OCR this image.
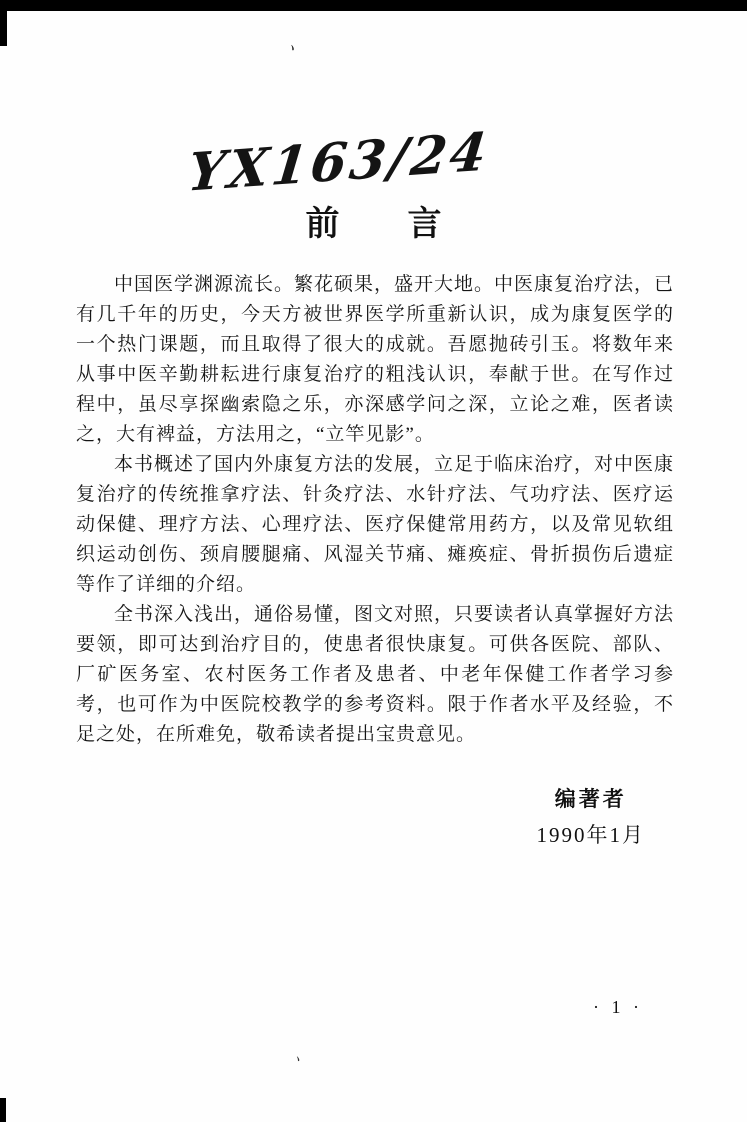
、
、
YX163/24
前　　言

中国医学渊源流长。繁花硕果，盛开大地。中医康复治疗法，已有几千年的历史，今天方被世界医学所重新认识，成为康复医学的一个热门课题，而且取得了很大的成就。吾愿抛砖引玉。将数年来从事中医辛勤耕耘进行康复治疗的粗浅认识，奉献于世。在写作过程中，虽尽享探幽索隐之乐，亦深感学问之深，立论之难，医者读之，大有裨益，方法用之，“立竿见影”。

本书概述了国内外康复方法的发展，立足于临床治疗，对中医康复治疗的传统推拿疗法、针灸疗法、水针疗法、气功疗法、医疗运动保健、理疗方法、心理疗法、医疗保健常用药方，以及常见软组织运动创伤、颈肩腰腿痛、风湿关节痛、瘫痪症、骨折损伤后遗症等作了详细的介绍。

全书深入浅出，通俗易懂，图文对照，只要读者认真掌握好方法要领，即可达到治疗目的，使患者很快康复。可供各医院、部队、厂矿医务室、农村医务工作者及患者、中老年保健工作者学习参考，也可作为中医院校教学的参考资料。限于作者水平及经验，不足之处，在所难免，敬希读者提出宝贵意见。

编著者
1990年1月
· 1 ·
